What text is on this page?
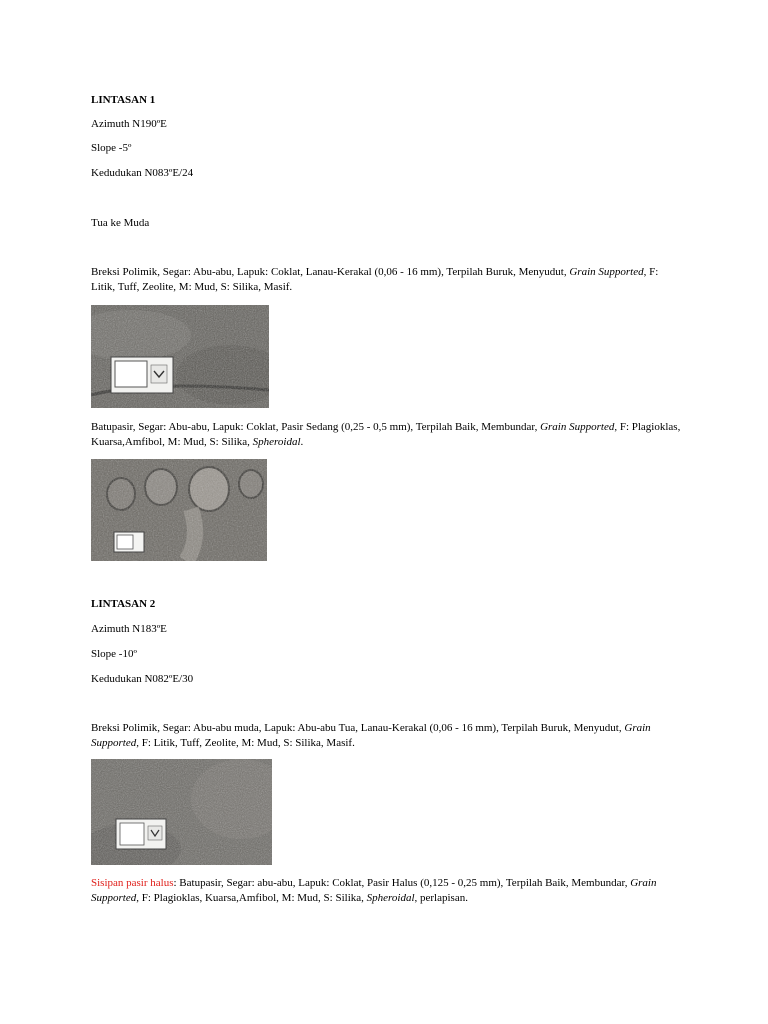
LINTASAN 1
Azimuth N190ºE
Slope -5º
Kedudukan N083ºE/24
Tua ke Muda
Breksi Polimik, Segar: Abu-abu, Lapuk: Coklat, Lanau-Kerakal (0,06 - 16 mm), Terpilah Buruk, Menyudut, Grain Supported, F: Litik, Tuff, Zeolite, M: Mud, S: Silika, Masif.
Batupasir, Segar: Abu-abu, Lapuk: Coklat, Pasir Sedang (0,25 - 0,5 mm), Terpilah Baik, Membundar, Grain Supported, F: Plagioklas, Kuarsa,Amfibol, M: Mud, S: Silika, Spheroidal.
LINTASAN 2
Azimuth N183ºE
Slope -10º
Kedudukan N082ºE/30
Breksi Polimik, Segar: Abu-abu muda, Lapuk: Abu-abu Tua, Lanau-Kerakal (0,06 - 16 mm), Terpilah Buruk, Menyudut, Grain Supported, F: Litik, Tuff, Zeolite, M: Mud, S: Silika, Masif.
Sisipan pasir halus: Batupasir, Segar: abu-abu, Lapuk: Coklat, Pasir Halus (0,125 - 0,25 mm), Terpilah Baik, Membundar, Grain Supported, F: Plagioklas, Kuarsa,Amfibol, M: Mud, S: Silika, Spheroidal, perlapisan.
